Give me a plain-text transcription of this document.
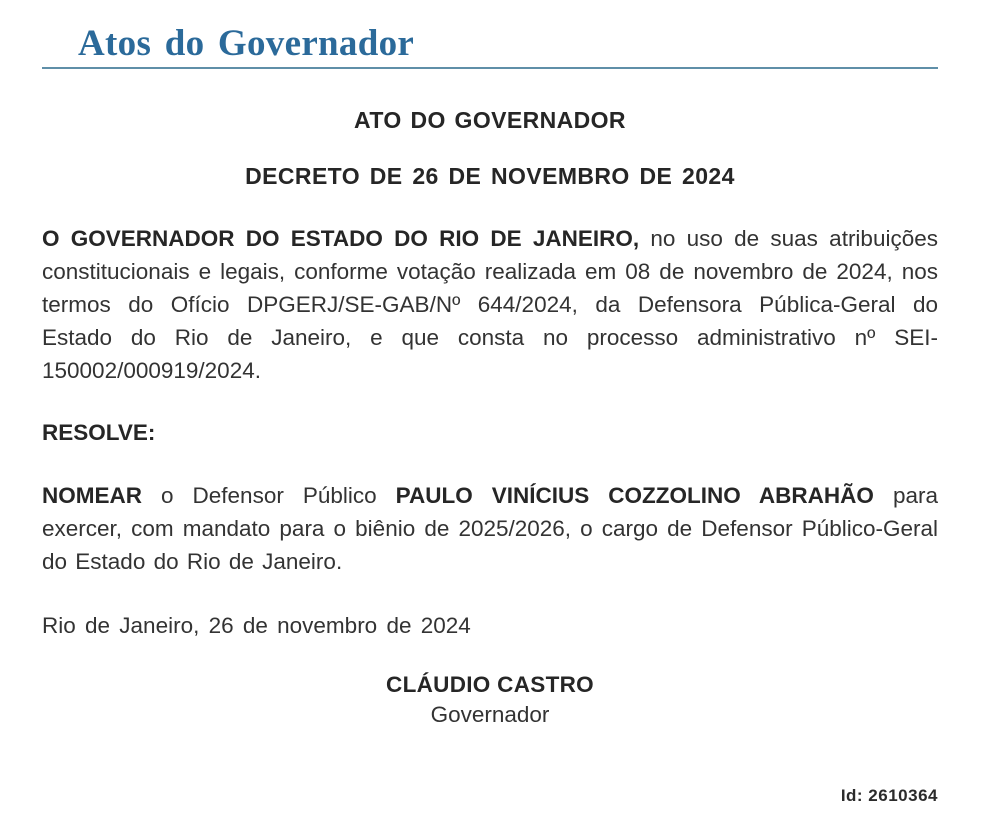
Atos do Governador
ATO DO GOVERNADOR
DECRETO DE 26 DE NOVEMBRO DE 2024

O GOVERNADOR DO ESTADO DO RIO DE JANEIRO, no uso de suas atribuições constitucionais e legais, conforme votação realizada em 08 de novembro de 2024, nos termos do Ofício DPGERJ/SE-GAB/Nº 644/2024, da Defensora Pública-Geral do Estado do Rio de Janeiro, e que consta no processo administrativo nº SEI-150002/000919/2024.

RESOLVE:

NOMEAR o Defensor Público PAULO VINÍCIUS COZZOLINO ABRAHÃO para exercer, com mandato para o biênio de 2025/2026, o cargo de Defensor Público-Geral do Estado do Rio de Janeiro.

Rio de Janeiro, 26 de novembro de 2024

CLÁUDIO CASTRO
Governador
Id: 2610364
